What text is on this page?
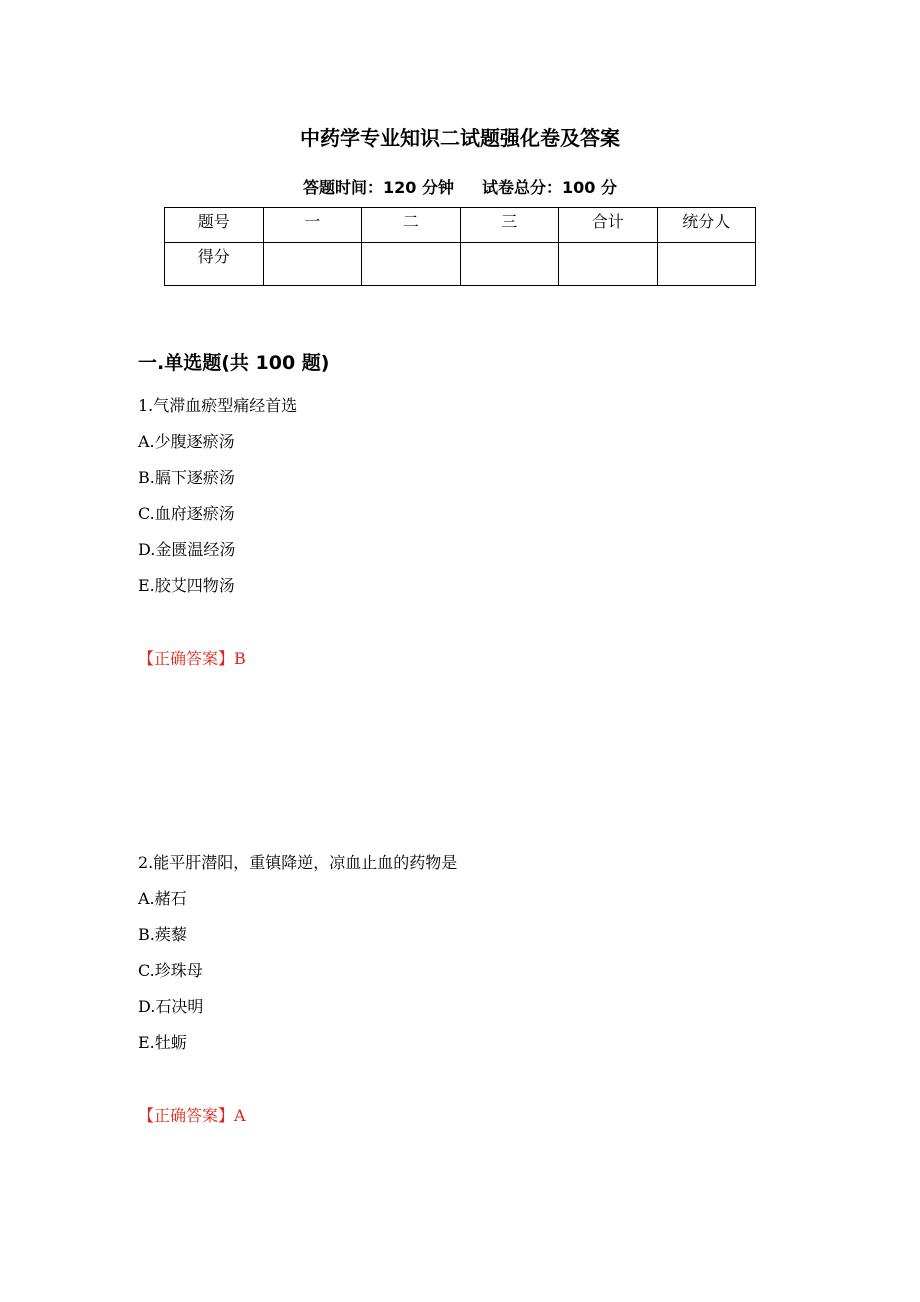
中药学专业知识二试题强化卷及答案
答题时间：120 分钟 试卷总分：100 分
题号	一	二	三	合计	统分人
得分					
一.单选题(共 100 题)
1.气滞血瘀型痛经首选
A.少腹逐瘀汤
B.膈下逐瘀汤
C.血府逐瘀汤
D.金匮温经汤
E.胶艾四物汤
【正确答案】B
2.能平肝潜阳，重镇降逆，凉血止血的药物是
A.赭石
B.蒺藜
C.珍珠母
D.石决明
E.牡蛎
【正确答案】A
